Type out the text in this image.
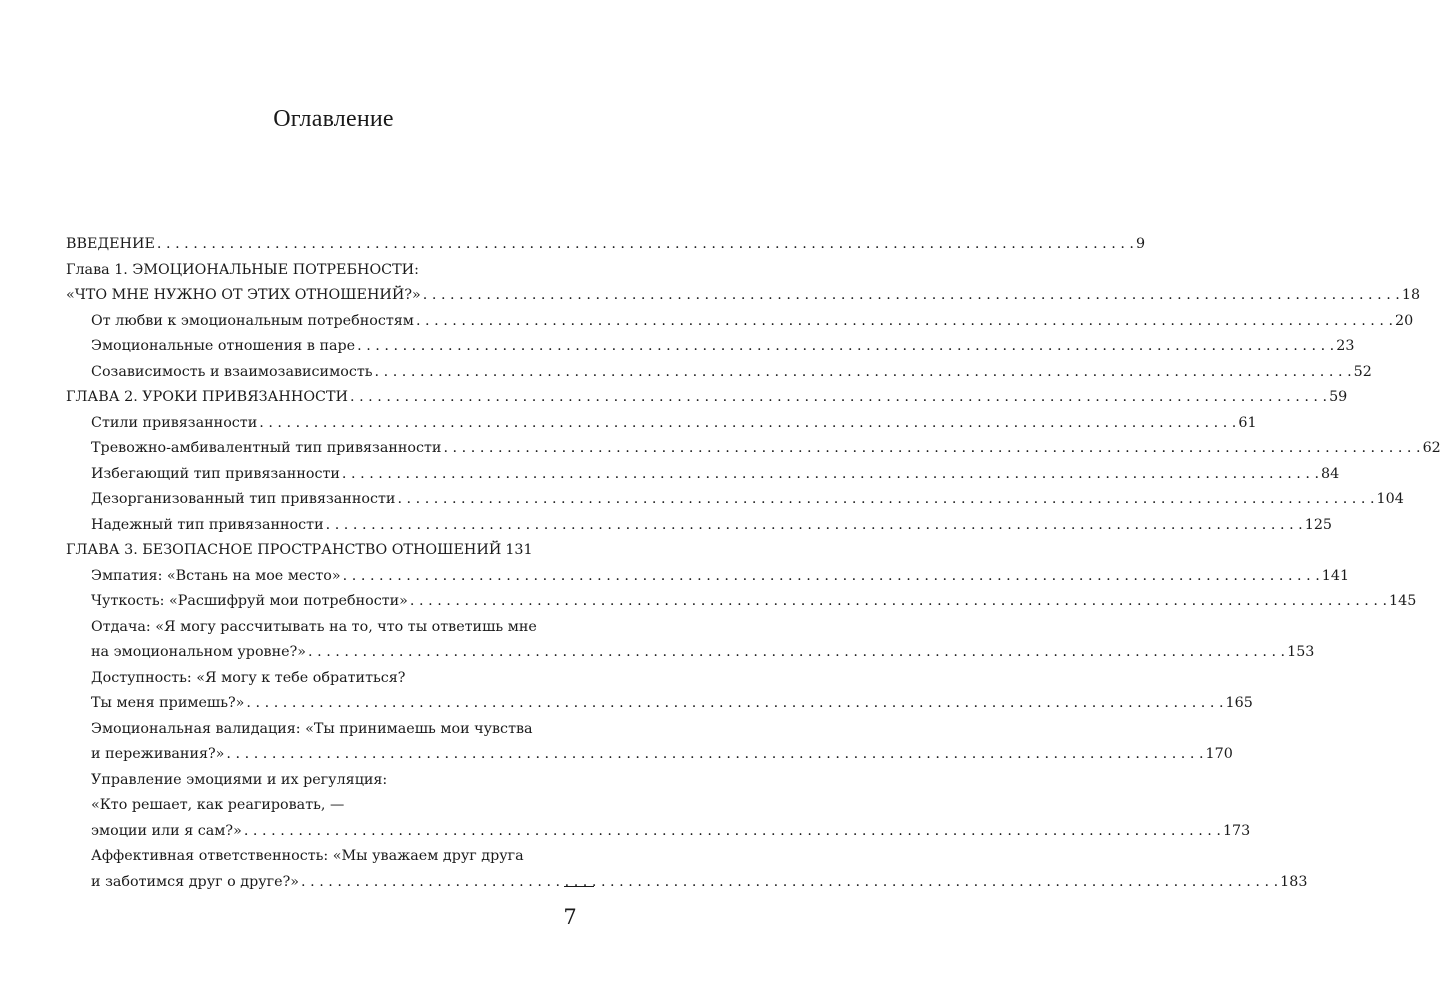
Оглавление
ВВЕДЕНИЕ . . .	9
Глава 1. ЭМОЦИОНАЛЬНЫЕ ПОТРЕБНОСТИ:
«ЧТО МНЕ НУЖНО ОТ ЭТИХ ОТНОШЕНИЙ?» . . .	18
От любви к эмоциональным потребностям . . .	20
Эмоциональные отношения в паре . . .	23
Созависимость и взаимозависимость . . .	52
ГЛАВА 2. УРОКИ ПРИВЯЗАННОСТИ . . .	59
Стили привязанности . . .	61
Тревожно-амбивалентный тип привязанности . . .	62
Избегающий тип привязанности . . .	84
Дезорганизованный тип привязанности . . .	104
Надежный тип привязанности . . .	125
ГЛАВА 3. БЕЗОПАСНОЕ ПРОСТРАНСТВО ОТНОШЕНИЙ 131
Эмпатия: «Встань на мое место» . . .	141
Чуткость: «Расшифруй мои потребности» . . .	145
Отдача: «Я могу рассчитывать на то, что ты ответишь мне
на эмоциональном уровне?» . . .	153
Доступность: «Я могу к тебе обратиться?
Ты меня примешь?» . . .	165
Эмоциональная валидация: «Ты принимаешь мои чувства
и переживания?» . . .	170
Управление эмоциями и их регуляция:
«Кто решает, как реагировать, —
эмоции или я сам?» . . .	173
Аффективная ответственность: «Мы уважаем друг друга
и заботимся друг о друге?» . . .	183
7
